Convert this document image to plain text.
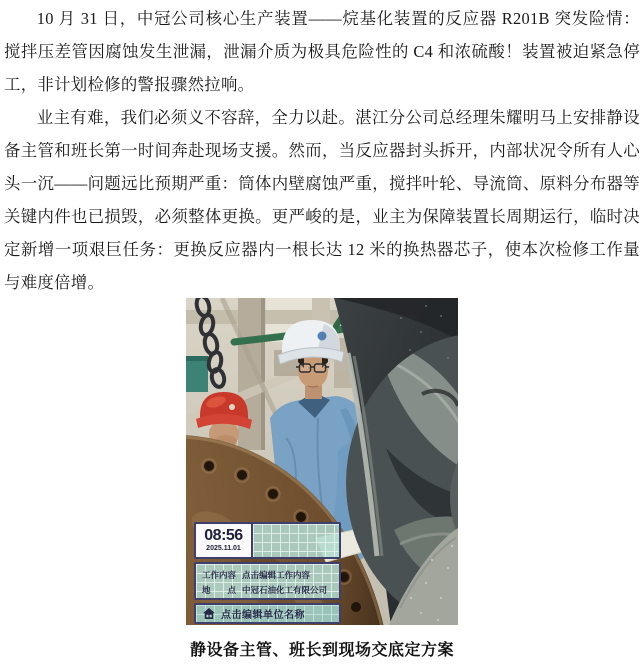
10 月 31 日，中冠公司核心生产装置——烷基化装置的反应器 R201B 突发险情：搅拌压差管因腐蚀发生泄漏，泄漏介质为极具危险性的 C4 和浓硫酸！装置被迫紧急停工，非计划检修的警报骤然拉响。

业主有难，我们必须义不容辞，全力以赴。湛江分公司总经理朱耀明马上安排静设备主管和班长第一时间奔赴现场支援。然而，当反应器封头拆开，内部状况令所有人心头一沉——问题远比预期严重：筒体内壁腐蚀严重，搅拌叶轮、导流筒、原料分布器等关键内件也已损毁，必须整体更换。更严峻的是，业主为保障装置长周期运行，临时决定新增一项艰巨任务：更换反应器内一根长达 12 米的换热器芯子，使本次检修工作量与难度倍增。

08:56
2025.11.01
工作内容 点击编辑工作内容
地　　点 中冠石油化工有限公司
点击编辑单位名称
静设备主管、班长到现场交底定方案
